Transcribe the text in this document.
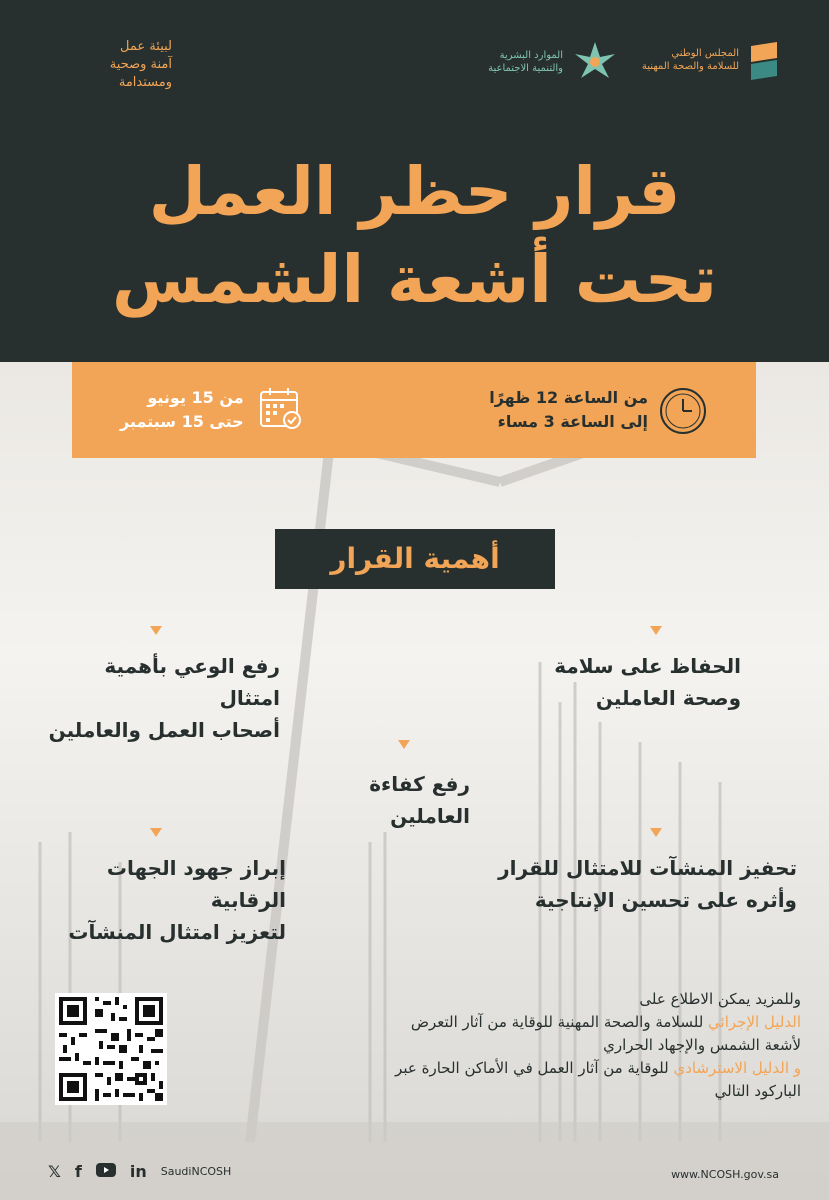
لبيئة عمل
آمنة وصحية
ومستدامة
المجلس الوطني
للسلامة والصحة المهنية
الموارد البشرية
والتنمية الاجتماعية
قرار حظر العمل
تحت أشعة الشمس
من الساعة 12 ظهرًا
إلى الساعة 3 مساء
من 15 يونيو
حتى 15 سبتمبر
أهمية القرار
الحفاظ على سلامة
وصحة العاملين
رفع الوعي بأهمية امتثال
أصحاب العمل والعاملين
رفع كفاءة
العاملين
تحفيز المنشآت للامتثال للقرار
وأثره على تحسين الإنتاجية
إبراز جهود الجهات الرقابية
لتعزيز امتثال المنشآت
وللمزيد يمكن الاطلاع على
الدليل الإجرائي للسلامة والصحة المهنية للوقاية من آثار التعرض
لأشعة الشمس والإجهاد الحراري
و الدليل الاسترشادي للوقاية من آثار العمل في الأماكن الحارة عبر
الباركود التالي
𝕏 f	in SaudiNCOSH	www.NCOSH.gov.sa
